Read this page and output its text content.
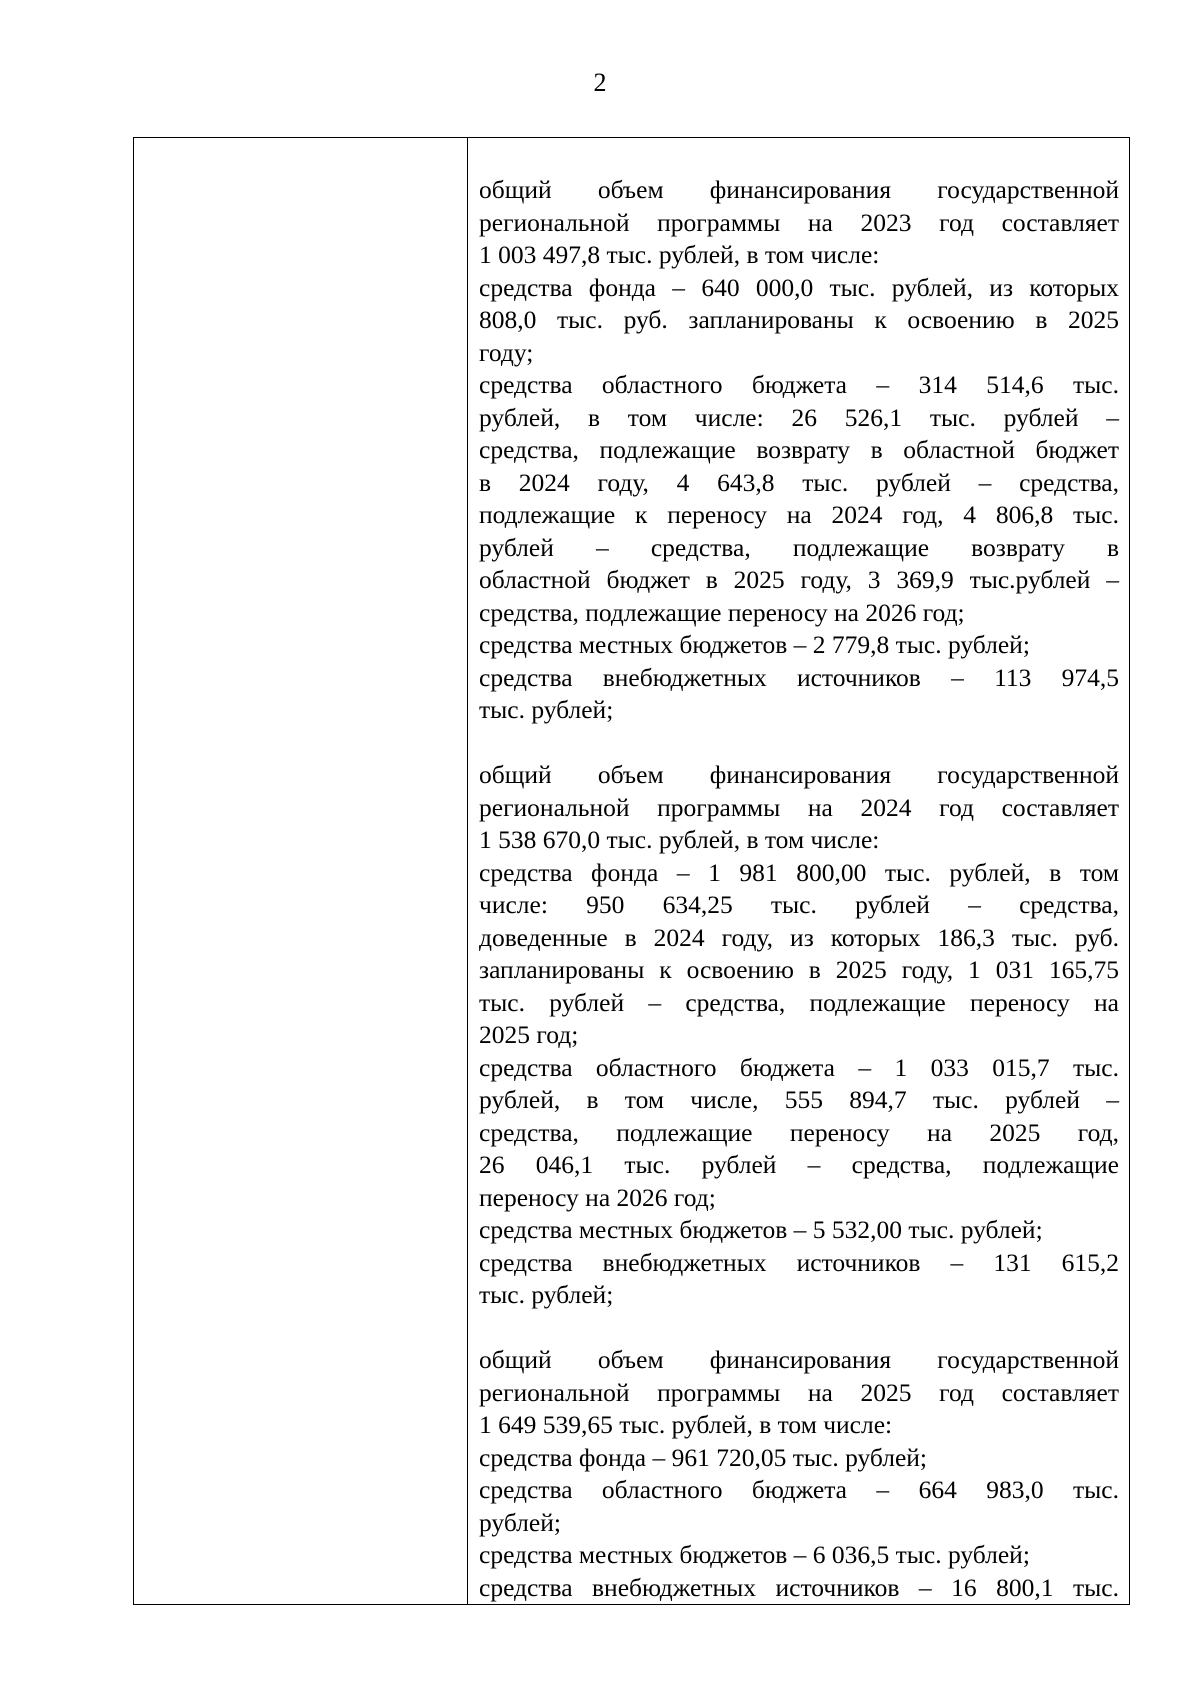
2
общий объем финансирования государственной
региональной программы на 2023 год составляет
1 003 497,8 тыс. рублей, в том числе:
средства фонда – 640 000,0 тыс. рублей, из которых
808,0 тыс. руб. запланированы к освоению в 2025
году;
средства областного бюджета – 314 514,6 тыс.
рублей, в том числе: 26 526,1 тыс. рублей –
средства, подлежащие возврату в областной бюджет
в 2024 году, 4 643,8 тыс. рублей – средства,
подлежащие к переносу на 2024 год, 4 806,8 тыс.
рублей – средства, подлежащие возврату в
областной бюджет в 2025 году, 3 369,9 тыс.рублей –
средства, подлежащие переносу на 2026 год;
средства местных бюджетов – 2 779,8 тыс. рублей;
средства внебюджетных источников – 113 974,5
тыс. рублей;
общий объем финансирования государственной
региональной программы на 2024 год составляет
1 538 670,0 тыс. рублей, в том числе:
средства фонда – 1 981 800,00 тыс. рублей, в том
числе: 950 634,25 тыс. рублей – средства,
доведенные в 2024 году, из которых 186,3 тыс. руб.
запланированы к освоению в 2025 году, 1 031 165,75
тыс. рублей – средства, подлежащие переносу на
2025 год;
средства областного бюджета – 1 033 015,7 тыс.
рублей, в том числе, 555 894,7 тыс. рублей –
средства, подлежащие переносу на 2025 год,
26 046,1 тыс. рублей – средства, подлежащие
переносу на 2026 год;
средства местных бюджетов – 5 532,00 тыс. рублей;
средства внебюджетных источников – 131 615,2
тыс. рублей;
общий объем финансирования государственной
региональной программы на 2025 год составляет
1 649 539,65 тыс. рублей, в том числе:
средства фонда – 961 720,05 тыс. рублей;
средства областного бюджета – 664 983,0 тыс.
рублей;
средства местных бюджетов – 6 036,5 тыс. рублей;
средства внебюджетных источников – 16 800,1 тыс.
